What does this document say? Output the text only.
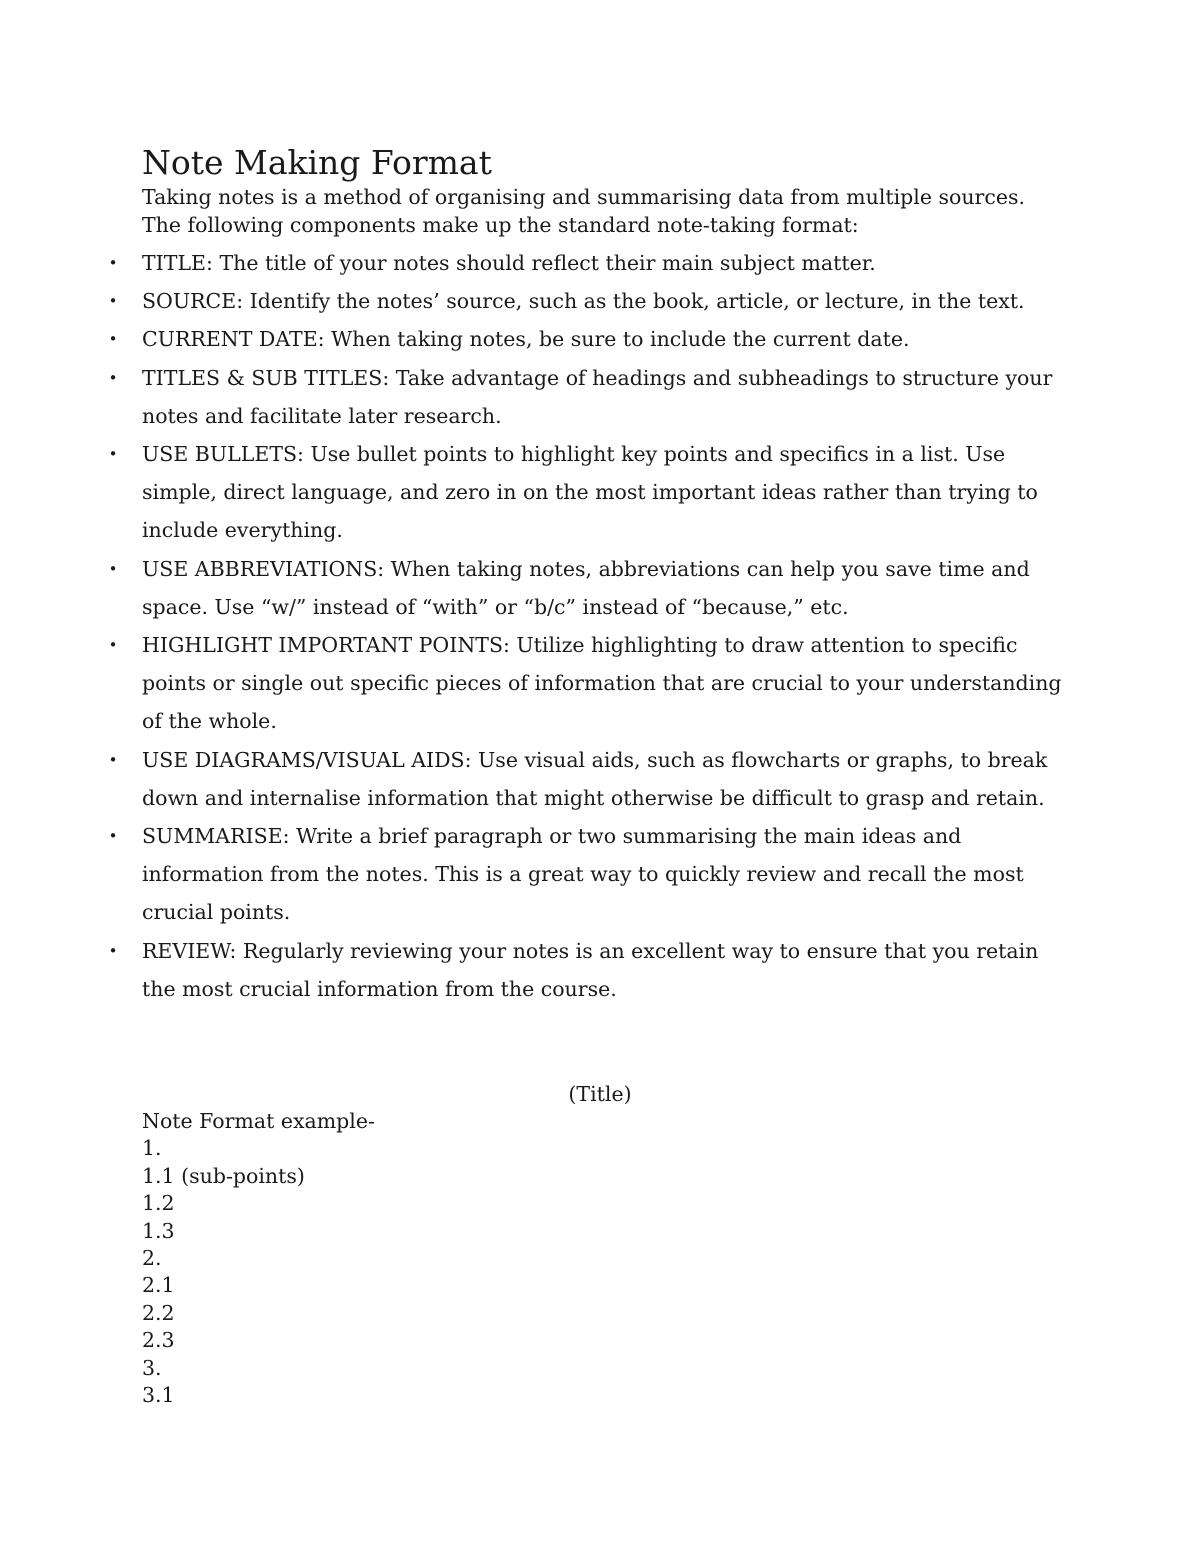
Note Making Format

Taking notes is a method of organising and summarising data from multiple sources. The following components make up the standard note-taking format:

• TITLE: The title of your notes should reflect their main subject matter.
• SOURCE: Identify the notes’ source, such as the book, article, or lecture, in the text.
• CURRENT DATE: When taking notes, be sure to include the current date.
• TITLES & SUB TITLES: Take advantage of headings and subheadings to structure your notes and facilitate later research.
• USE BULLETS: Use bullet points to highlight key points and specifics in a list. Use simple, direct language, and zero in on the most important ideas rather than trying to include everything.
• USE ABBREVIATIONS: When taking notes, abbreviations can help you save time and space. Use “w/” instead of “with” or “b/c” instead of “because,” etc.
• HIGHLIGHT IMPORTANT POINTS: Utilize highlighting to draw attention to specific points or single out specific pieces of information that are crucial to your understanding of the whole.
• USE DIAGRAMS/VISUAL AIDS: Use visual aids, such as flowcharts or graphs, to break down and internalise information that might otherwise be difficult to grasp and retain.
• SUMMARISE: Write a brief paragraph or two summarising the main ideas and information from the notes. This is a great way to quickly review and recall the most crucial points.
• REVIEW: Regularly reviewing your notes is an excellent way to ensure that you retain the most crucial information from the course.
(Title)
Note Format example-
1.
1.1 (sub-points)
1.2
1.3
2.
2.1
2.2
2.3
3.
3.1
